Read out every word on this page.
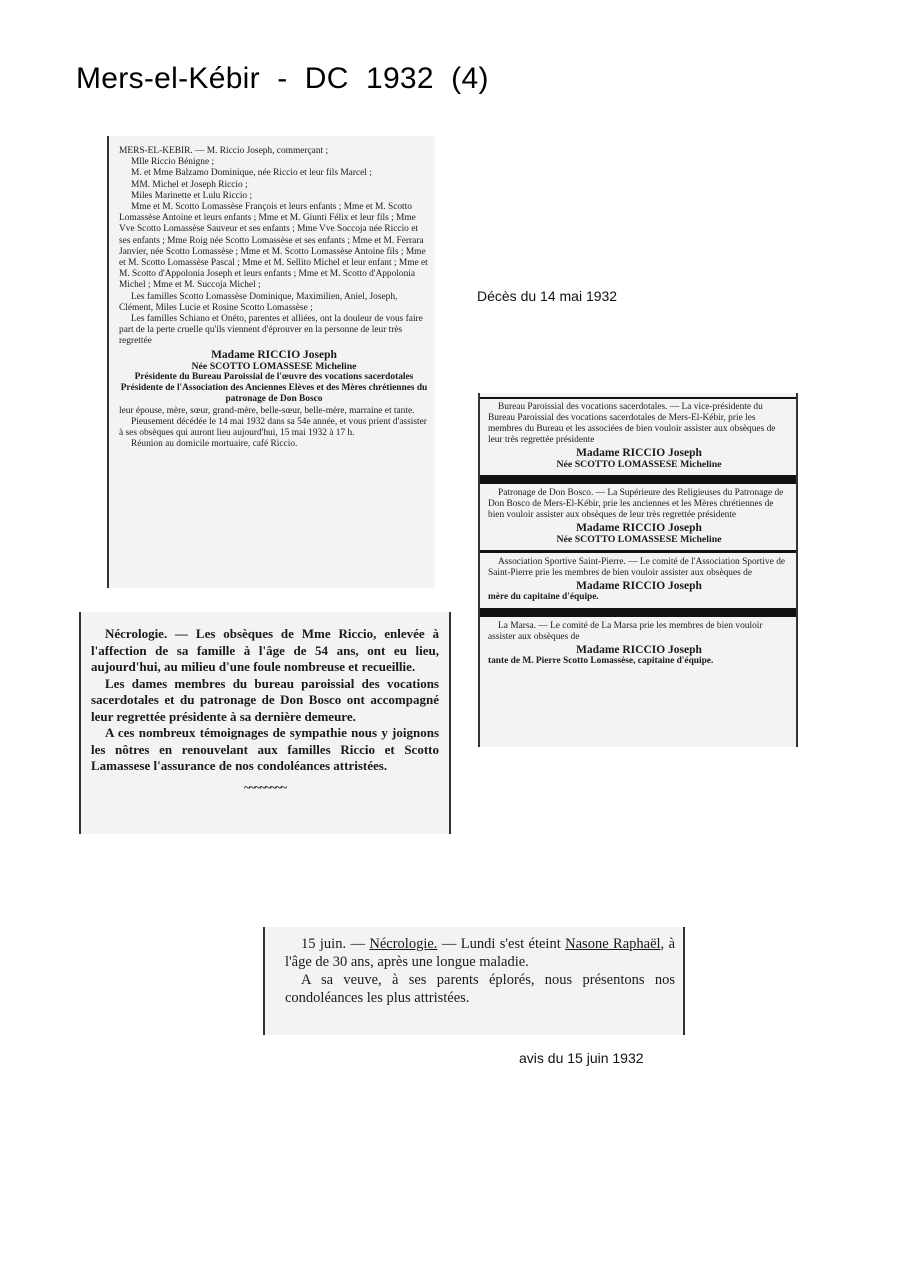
Mers-el-Kébir  -  DC  1932  (4)

MERS-EL-KEBIR. — M. Riccio Joseph, commerçant ;

Mlle Riccio Bénigne ;

M. et Mme Balzamo Dominique, née Riccio et leur fils Marcel ;

MM. Michel et Joseph Riccio ;

Miles Marinette et Lulu Riccio ;

Mme et M. Scotto Lomassèse François et leurs enfants ; Mme et M. Scotto Lomassèse Antoine et leurs enfants ; Mme et M. Giunti Félix et leur fils ; Mme Vve Scotto Lomassèse Sauveur et ses enfants ; Mme Vve Soccoja née Riccio et ses enfants ; Mme Roig née Scotto Lomassèse et ses enfants ; Mme et M. Ferrara Janvier, née Scotto Lomassèse ; Mme et M. Scotto Lomassèse Antoine fils ; Mme et M. Scotto Lomassèse Pascal ; Mme et M. Sellito Michel et leur enfant ; Mme et M. Scotto d'Appolonia Joseph et leurs enfants ; Mme et M. Scotto d'Appolonia Michel ; Mme et M. Succoja Michel ;

Les familles Scotto Lomassèse Dominique, Maximilien, Aniel, Joseph, Clément, Miles Lucie et Rosine Scotto Lomassèse ;

Les familles Schiano et Onéto, parentes et alliées, ont la douleur de vous faire part de la perte cruelle qu'ils viennent d'éprouver en la personne de leur très regrettée

Madame RICCIO Joseph

Née SCOTTO LOMASSESE Micheline

Présidente du Bureau Paroissial de l'œuvre des vocations sacerdotales

Présidente de l'Association des Anciennes Elèves et des Mères chrétiennes du patronage de Don Bosco

leur épouse, mère, sœur, grand-mère, belle-sœur, belle-mère, marraine et tante.

Pieusement décédée le 14 mai 1932 dans sa 54e année, et vous prient d'assister à ses obsèques qui auront lieu aujourd'hui, 15 mai 1932 à 17 h.

Réunion au domicile mortuaire, café Riccio.

Décès du 14 mai 1932

Bureau Paroissial des vocations sacerdotales. — La vice-présidente du Bureau Paroissial des vocations sacerdotales de Mers-El-Kébir, prie les membres du Bureau et les associées de bien vouloir assister aux obsèques de leur très regrettée présidente

Madame RICCIO Joseph

Née SCOTTO LOMASSESE Micheline

Patronage de Don Bosco. — La Supérieure des Religieuses du Patronage de Don Bosco de Mers-El-Kébir, prie les anciennes et les Mères chrétiennes de bien vouloir assister aux obsèques de leur très regrettée présidente

Madame RICCIO Joseph

Née SCOTTO LOMASSESE Micheline

Association Sportive Saint-Pierre. — Le comité de l'Association Sportive de Saint-Pierre prie les membres de bien vouloir assister aux obsèques de

Madame RICCIO Joseph

mère du capitaine d'équipe.

La Marsa. — Le comité de La Marsa prie les membres de bien vouloir assister aux obsèques de

Madame RICCIO Joseph

tante de M. Pierre Scotto Lomassèse, capitaine d'équipe.

Nécrologie. — Les obsèques de Mme Riccio, enlevée à l'affection de sa famille à l'âge de 54 ans, ont eu lieu, aujourd'hui, au milieu d'une foule nombreuse et recueillie.

Les dames membres du bureau paroissial des vocations sacerdotales et du patronage de Don Bosco ont accompagné leur regrettée présidente à sa dernière demeure.

A ces nombreux témoignages de sympathie nous y joignons les nôtres en renouvelant aux familles Riccio et Scotto Lamassese l'assurance de nos condoléances attristées.

~~~~~~~~

15 juin. — Nécrologie. — Lundi s'est éteint Nasone Raphaël, à l'âge de 30 ans, après une longue maladie.

A sa veuve, à ses parents éplorés, nous présentons nos condoléances les plus attristées.

avis du 15 juin 1932
